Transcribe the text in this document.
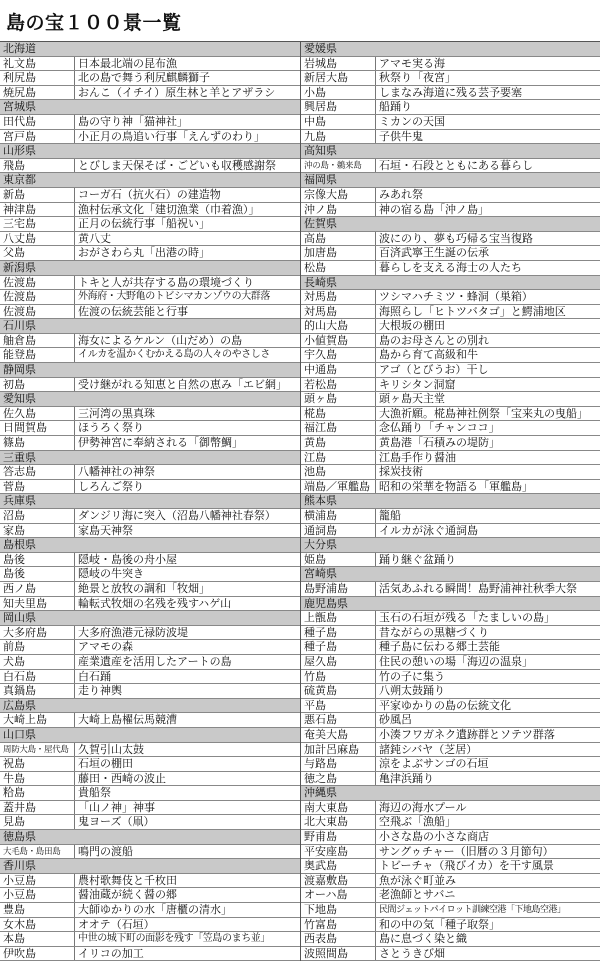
島の宝１００景一覧
北海道
礼文島	日本最北端の昆布漁
利尻島	北の島で舞う利尻麒麟獅子
焼尻島	おんこ（イチイ）原生林と羊とアザラシ
宮城県
田代島	島の守り神「猫神社」
宮戸島	小正月の鳥追い行事「えんずのわり」
山形県
飛島	とびしま天保そば・ごどいも収穫感謝祭
東京都
新島	コーガ石（抗火石）の建造物
神津島	漁村伝承文化「建切漁業（巾着漁）」
三宅島	正月の伝統行事「船祝い」
八丈島	黄八丈
父島	おがさわら丸「出港の時」
新潟県
佐渡島	トキと人が共存する島の環境づくり
佐渡島	外海府・大野亀のトビシマカンゾウの大群落
佐渡島	佐渡の伝統芸能と行事
石川県
舳倉島	海女によるケルン（山だめ）の島
能登島	イルカを温かくむかえる島の人々のやさしさ
静岡県
初島	受け継がれる知恵と自然の恵み「エビ網」
愛知県
佐久島	三河湾の黒真珠
日間賀島	ほうろく祭り
篠島	伊勢神宮に奉納される「御幣鯛」
三重県
答志島	八幡神社の神祭
菅島	しろんご祭り
兵庫県
沼島	ダンジリ海に突入（沼島八幡神社春祭）
家島	家島天神祭
島根県
島後	隠岐・島後の舟小屋
島後	隠岐の牛突き
西ノ島	絶景と放牧の調和「牧畑」
知夫里島	輪転式牧畑の名残を残すハゲ山
岡山県
大多府島	大多府漁港元禄防波堤
前島	アマモの森
犬島	産業遺産を活用したアートの島
白石島	白石踊
真鍋島	走り神輿
広島県
大崎上島	大崎上島櫂伝馬競漕
山口県
周防大島・屋代島 久賀引山太鼓
祝島	石垣の棚田
牛島	藤田・西崎の波止
粭島	貴船祭
蓋井島	「山ノ神」神事
見島	鬼ヨーズ（凧）
徳島県
大毛島・島田島	鳴門の渡船
香川県
小豆島	農村歌舞伎と千枚田
小豆島	醤油蔵が続く醤の郷
豊島	大師ゆかりの水「唐櫃の清水」
女木島	オオテ（石垣）
本島	中世の城下町の面影を残す「笠島のまち並」
伊吹島	イリコの加工
愛媛県
岩城島	アマモ実る海
新居大島	秋祭り「夜宮」
小島	しまなみ海道に残る芸予要塞
興居島	船踊り
中島	ミカンの天国
九島	子供牛鬼
高知県
沖の島・鵜来島	石垣・石段とともにある暮らし
福岡県
宗像大島	みあれ祭
沖ノ島	神の宿る島「沖ノ島」
佐賀県
高島	波にのり、夢も巧帰る宝当復路
加唐島	百済武寧王生誕の伝承
松島	暮らしを支える海士の人たち
長崎県
対馬島	ツシマハチミツ・蜂洞（巣箱）
対馬島	海照らし「ヒトツバタゴ」と鰐浦地区
的山大島	大根坂の棚田
小値賀島	島のお母さんとの別れ
宇久島	島から育て高級和牛
中通島	アゴ（とびうお）干し
若松島	キリシタン洞窟
頭ヶ島	頭ヶ島天主堂
椛島	大漁祈願。椛島神社例祭「宝来丸の曳船」
福江島	念仏踊り「チャンココ」
黄島	黄島港「石積みの堤防」
江島	江島手作り醤油
池島	採炭技術
端島／軍艦島 昭和の栄華を物語る「軍艦島」
熊本県
横浦島	籠船
通詞島	イルカが泳ぐ通詞島
大分県
姫島	踊り継ぐ盆踊り
宮崎県
島野浦島	活気あふれる瞬間！島野浦神社秋季大祭
鹿児島県
上甑島	玉石の石垣が残る「たましいの島」
種子島	昔ながらの黒糖づくり
種子島	種子島に伝わる郷土芸能
屋久島	住民の憩いの場「海辺の温泉」
竹島	竹の子に集う
硫黄島	八朔太鼓踊り
平島	平家ゆかりの島の伝統文化
悪石島	砂風呂
奄美大島	小湊フワガネク遺跡群とソテツ群落
加計呂麻島	諸鈍シバヤ（芝居）
与路島	涼をよぶサンゴの石垣
徳之島	亀津浜踊り
沖縄県
南大東島	海辺の海水プール
北大東島	空飛ぶ「漁船」
野甫島	小さな島の小さな商店
平安座島	サングゥチャー（旧暦の３月節句）
奥武島	トビーチャ（飛びイカ）を干す風景
渡嘉敷島	魚が泳ぐ町並み
オーハ島	老漁師とサバニ
下地島	民間ジェットパイロット訓練空港「下地島空港」
竹富島	和の中の気「種子取祭」
西表島	島に息づく染と織
波照間島	さとうきび畑
